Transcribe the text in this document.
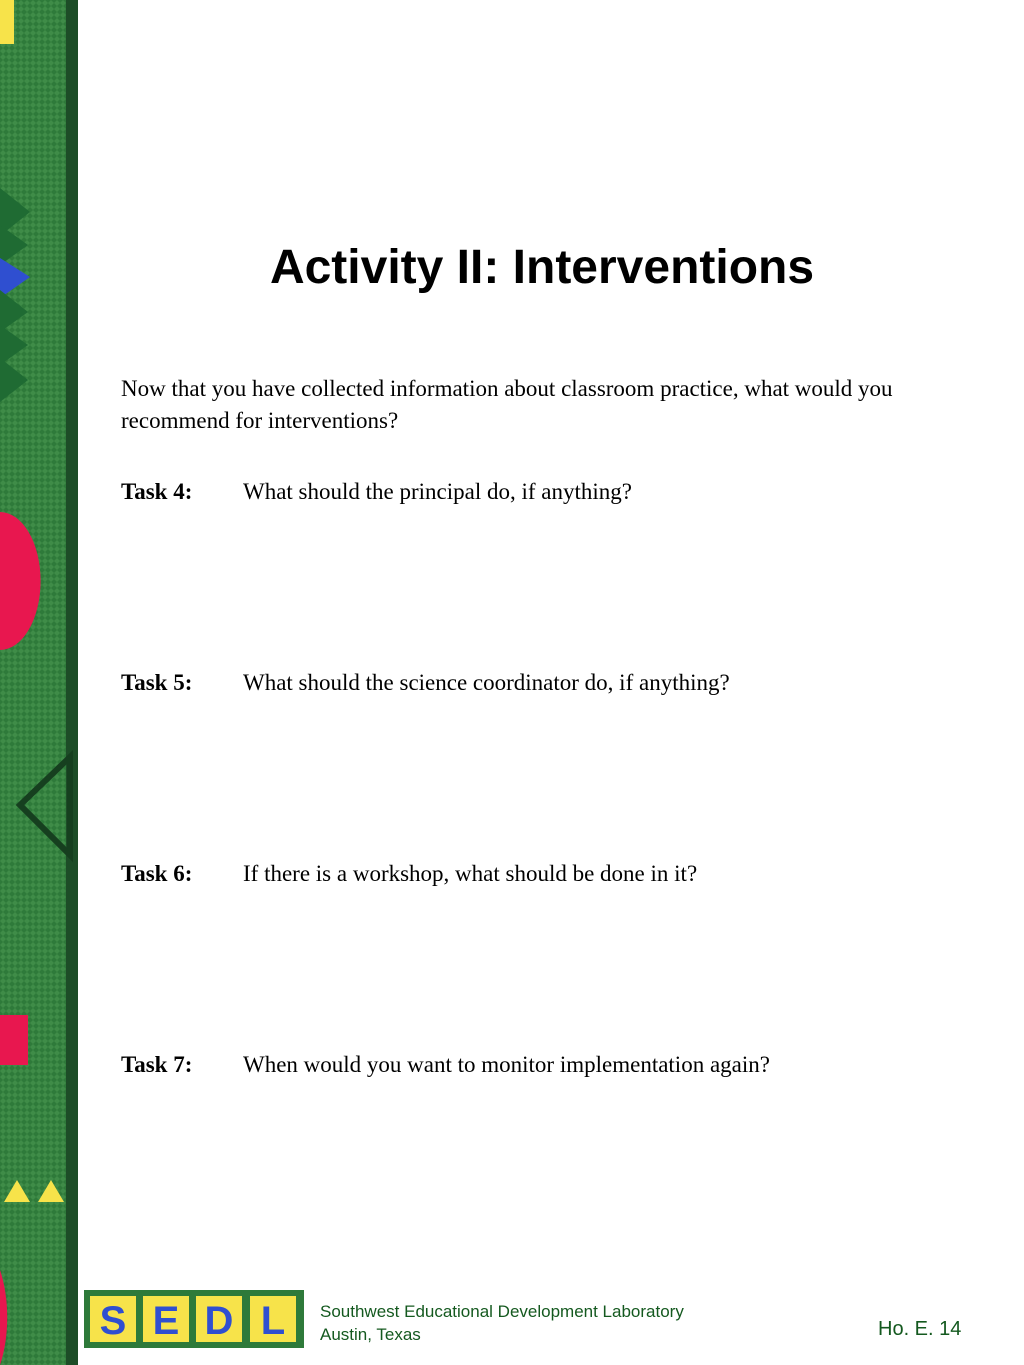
Activity II: Interventions

Now that you have collected information about classroom practice, what would you recommend for interventions?

Task 4: What should the principal do, if anything?
Task 5: What should the science coordinator do, if anything?
Task 6: If there is a workshop, what should be done in it?
Task 7: When would you want to monitor implementation again?
S E D L Southwest Educational Development Laboratory
Austin, Texas	Ho. E. 14
